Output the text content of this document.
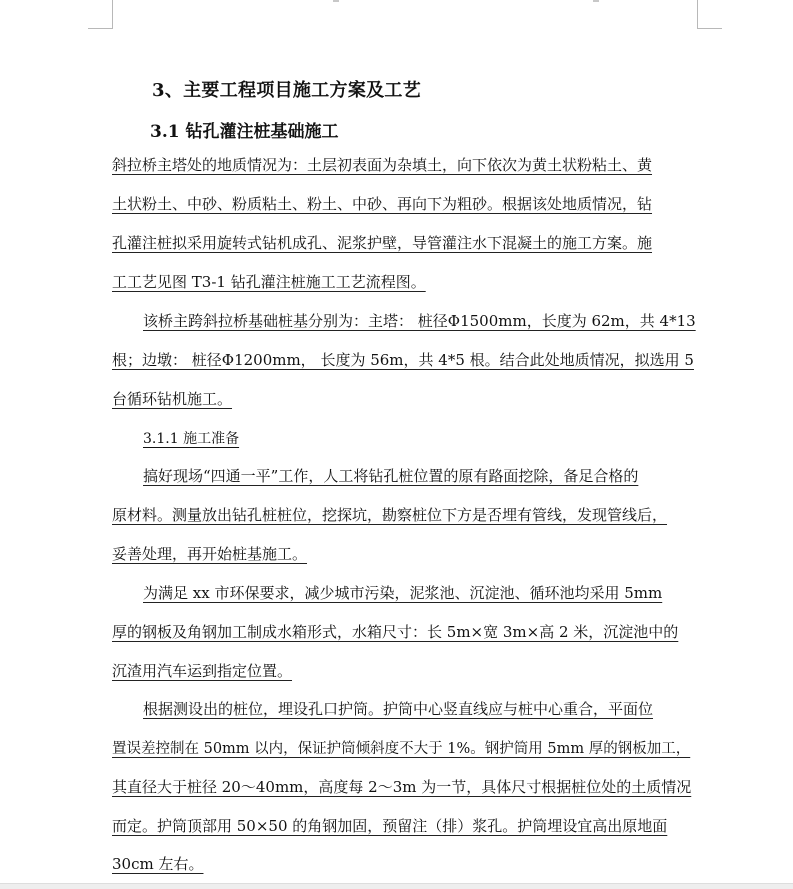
3、主要工程项目施工方案及工艺
3.1 钻孔灌注桩基础施工
斜拉桥主塔处的地质情况为：土层初表面为杂填土，向下依次为黄土状粉粘土、黄
土状粉土、中砂、粉质粘土、粉土、中砂、再向下为粗砂。根据该处地质情况，钻
孔灌注桩拟采用旋转式钻机成孔、泥浆护壁，导管灌注水下混凝土的施工方案。施
工工艺见图 T3-1 钻孔灌注桩施工工艺流程图。
该桥主跨斜拉桥基础桩基分别为：主塔： 桩径Φ1500mm，长度为 62m，共 4*13
根；边墩： 桩径Φ1200mm， 长度为 56m，共 4*5 根。结合此处地质情况，拟选用 5
台循环钻机施工。
3.1.1 施工准备
搞好现场“四通一平”工作，人工将钻孔桩位置的原有路面挖除，备足合格的
原材料。测量放出钻孔桩桩位，挖探坑，勘察桩位下方是否埋有管线，发现管线后，
妥善处理，再开始桩基施工。
为满足 xx 市环保要求，减少城市污染，泥浆池、沉淀池、循环池均采用 5mm
厚的钢板及角钢加工制成水箱形式，水箱尺寸：长 5m×宽 3m×高 2 米，沉淀池中的
沉渣用汽车运到指定位置。
根据测设出的桩位，埋设孔口护筒。护筒中心竖直线应与桩中心重合，平面位
置误差控制在 50mm 以内，保证护筒倾斜度不大于 1%。钢护筒用 5mm 厚的钢板加工，
其直径大于桩径 20～40mm，高度每 2～3m 为一节，具体尺寸根据桩位处的土质情况
而定。护筒顶部用 50×50 的角钢加固，预留注（排）浆孔。护筒埋设宜高出原地面
30cm 左右。
